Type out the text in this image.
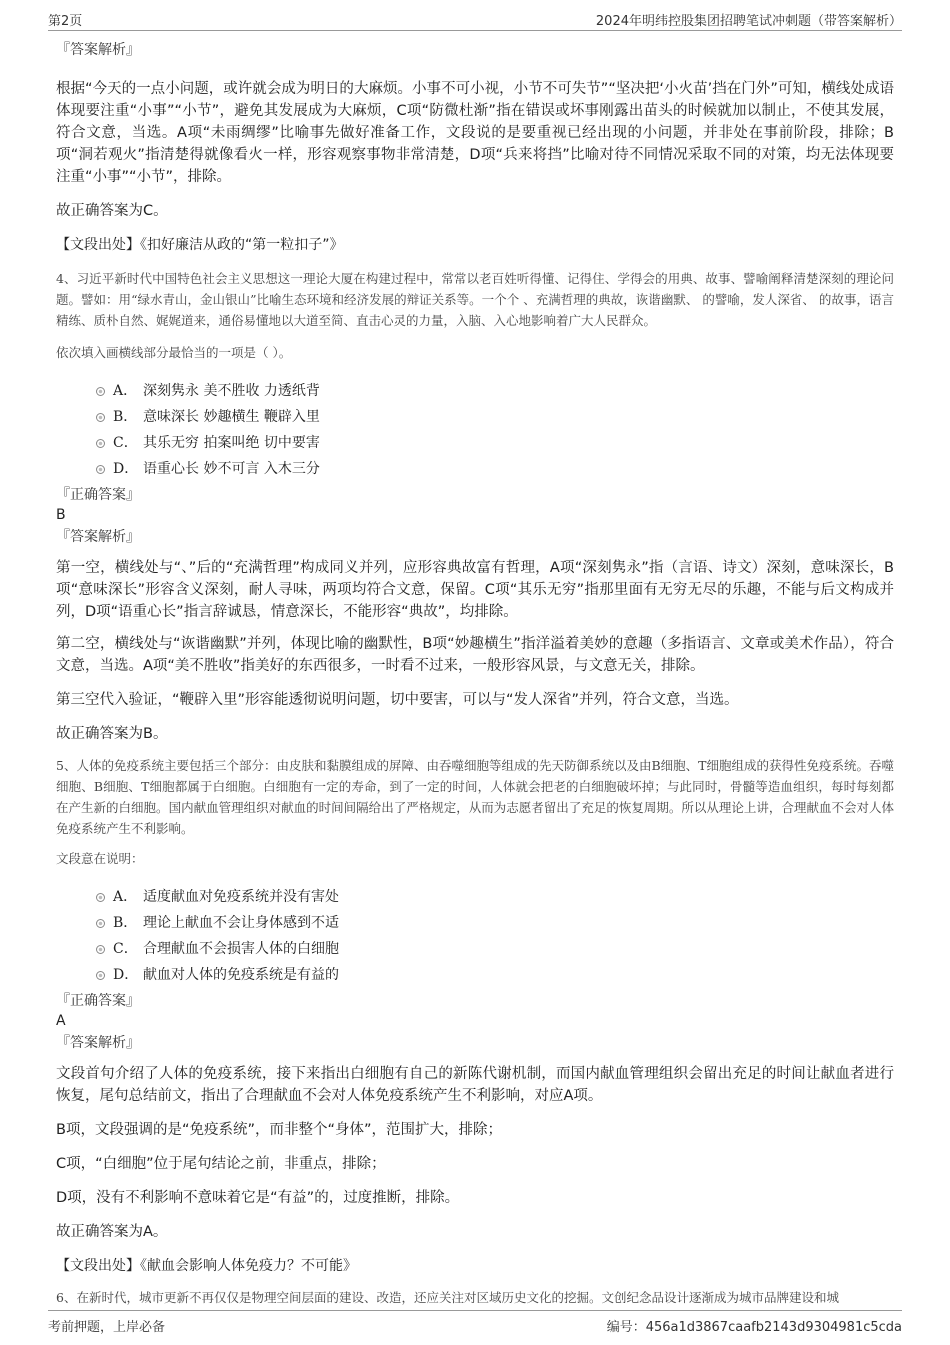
第2页	2024年明纬控股集团招聘笔试冲刺题（带答案解析）
『答案解析』

根据“今天的一点小问题，或许就会成为明日的大麻烦。小事不可小视，小节不可失节”“坚决把‘小火苗’挡在门外”可知，横线处成语体现要注重“小事”“小节”，避免其发展成为大麻烦，C项“防微杜渐”指在错误或坏事刚露出苗头的时候就加以制止，不使其发展，符合文意，当选。A项“未雨绸缪”比喻事先做好准备工作，文段说的是要重视已经出现的小问题，并非处在事前阶段，排除；B项“洞若观火”指清楚得就像看火一样，形容观察事物非常清楚，D项“兵来将挡”比喻对待不同情况采取不同的对策，均无法体现要注重“小事”“小节”，排除。

故正确答案为C。

【文段出处】《扣好廉洁从政的“第一粒扣子”》

4、习近平新时代中国特色社会主义思想这一理论大厦在构建过程中，常常以老百姓听得懂、记得住、学得会的用典、故事、譬喻阐释清楚深刻的理论问题。譬如：用“绿水青山，金山银山”比喻生态环境和经济发展的辩证关系等。一个个 、充满哲理的典故，诙谐幽默、 的譬喻，发人深省、 的故事，语言精练、质朴自然、娓娓道来，通俗易懂地以大道至简、直击心灵的力量，入脑、入心地影响着广大人民群众。

依次填入画横线部分最恰当的一项是（ ）。
A． 深刻隽永 美不胜收 力透纸背
B． 意味深长 妙趣横生 鞭辟入里
C． 其乐无穷 拍案叫绝 切中要害
D． 语重心长 妙不可言 入木三分
『正确答案』
B
『答案解析』

第一空，横线处与“、”后的“充满哲理”构成同义并列，应形容典故富有哲理，A项“深刻隽永”指（言语、诗文）深刻，意味深长，B项“意味深长”形容含义深刻，耐人寻味，两项均符合文意，保留。C项“其乐无穷”指那里面有无穷无尽的乐趣，不能与后文构成并列，D项“语重心长”指言辞诚恳，情意深长，不能形容“典故”，均排除。

第二空，横线处与“诙谐幽默”并列，体现比喻的幽默性，B项“妙趣横生”指洋溢着美妙的意趣（多指语言、文章或美术作品），符合文意，当选。A项“美不胜收”指美好的东西很多，一时看不过来，一般形容风景，与文意无关，排除。

第三空代入验证，“鞭辟入里”形容能透彻说明问题，切中要害，可以与“发人深省”并列，符合文意，当选。

故正确答案为B。

5、人体的免疫系统主要包括三个部分：由皮肤和黏膜组成的屏障、由吞噬细胞等组成的先天防御系统以及由B细胞、T细胞组成的获得性免疫系统。吞噬细胞、B细胞、T细胞都属于白细胞。白细胞有一定的寿命，到了一定的时间，人体就会把老的白细胞破坏掉；与此同时，骨髓等造血组织，每时每刻都在产生新的白细胞。国内献血管理组织对献血的时间间隔给出了严格规定，从而为志愿者留出了充足的恢复周期。所以从理论上讲，合理献血不会对人体免疫系统产生不利影响。

文段意在说明：
A． 适度献血对免疫系统并没有害处
B． 理论上献血不会让身体感到不适
C． 合理献血不会损害人体的白细胞
D． 献血对人体的免疫系统是有益的
『正确答案』
A
『答案解析』

文段首句介绍了人体的免疫系统，接下来指出白细胞有自己的新陈代谢机制，而国内献血管理组织会留出充足的时间让献血者进行恢复，尾句总结前文，指出了合理献血不会对人体免疫系统产生不利影响，对应A项。

B项，文段强调的是“免疫系统”，而非整个“身体”，范围扩大，排除；

C项，“白细胞”位于尾句结论之前，非重点，排除；

D项，没有不利影响不意味着它是“有益”的，过度推断，排除。

故正确答案为A。

【文段出处】《献血会影响人体免疫力？不可能》

6、在新时代，城市更新不再仅仅是物理空间层面的建设、改造，还应关注对区域历史文化的挖掘。文创纪念品设计逐渐成为城市品牌建设和城

考前押题，上岸必备	编号：456a1d3867caafb2143d9304981c5cda
